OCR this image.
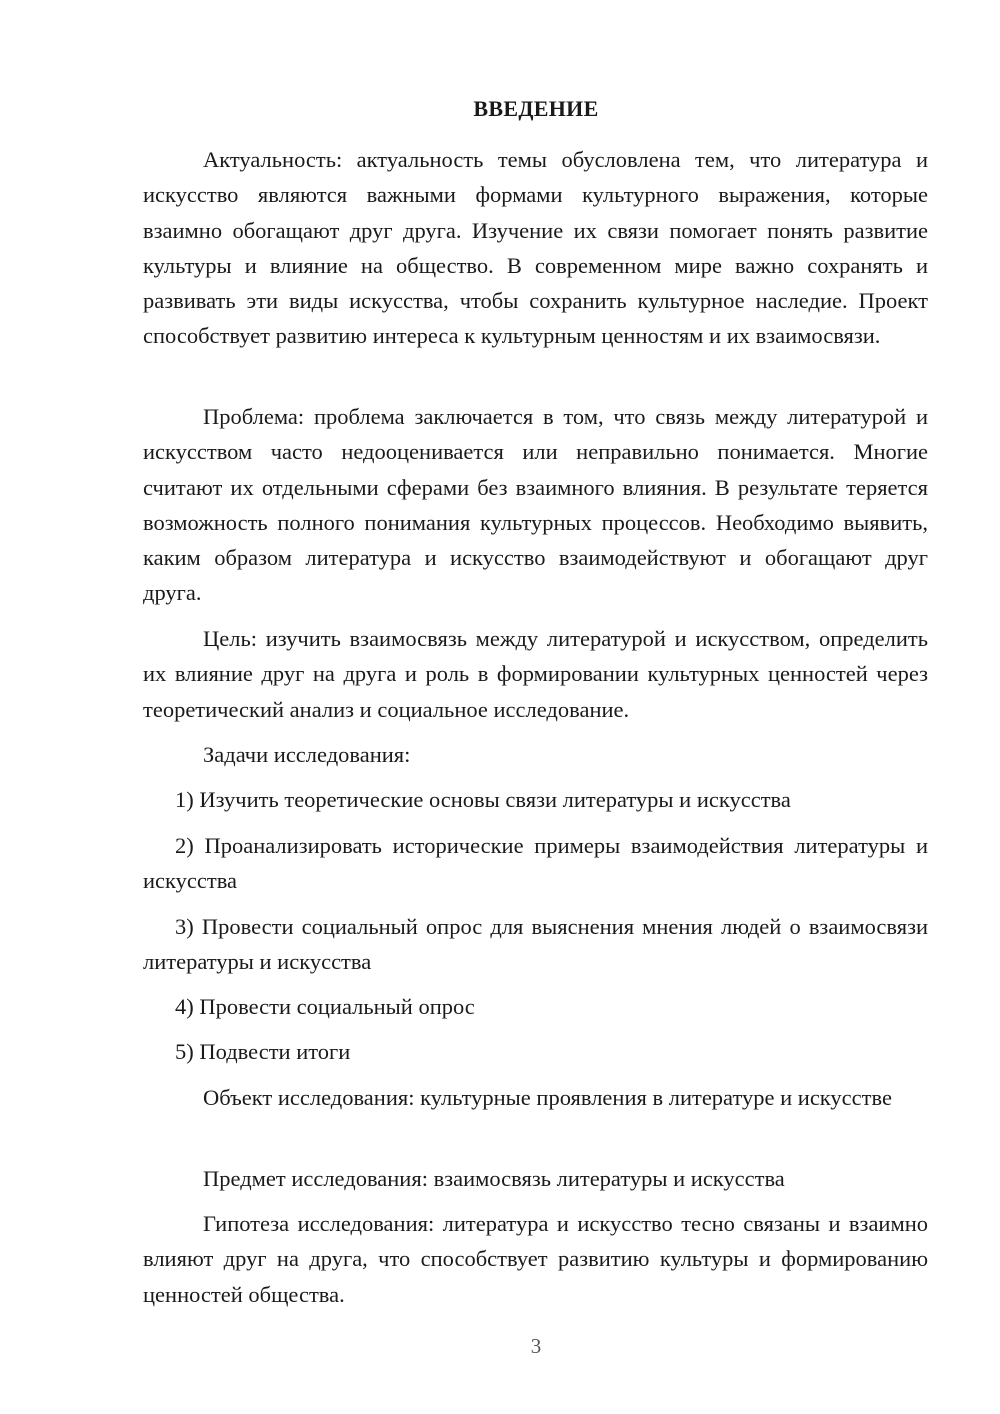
ВВЕДЕНИЕ

Актуальность: актуальность темы обусловлена тем, что литература и искусство являются важными формами культурного выражения, которые взаимно обогащают друг друга. Изучение их связи помогает понять развитие культуры и влияние на общество. В современном мире важно сохранять и развивать эти виды искусства, чтобы сохранить культурное наследие. Проект способствует развитию интереса к культурным ценностям и их взаимосвязи.

Проблема: проблема заключается в том, что связь между литературой и искусством часто недооценивается или неправильно понимается. Многие считают их отдельными сферами без взаимного влияния. В результате теряется возможность полного понимания культурных процессов. Необходимо выявить, каким образом литература и искусство взаимодействуют и обогащают друг друга.

Цель: изучить взаимосвязь между литературой и искусством, определить их влияние друг на друга и роль в формировании культурных ценностей через теоретический анализ и социальное исследование.

Задачи исследования:

1) Изучить теоретические основы связи литературы и искусства

2) Проанализировать исторические примеры взаимодействия литературы и искусства

3) Провести социальный опрос для выяснения мнения людей о взаимосвязи литературы и искусства

4) Провести социальный опрос

5) Подвести итоги

Объект исследования: культурные проявления в литературе и искусстве

Предмет исследования: взаимосвязь литературы и искусства

Гипотеза исследования: литература и искусство тесно связаны и взаимно влияют друг на друга, что способствует развитию культуры и формированию ценностей общества.

3
